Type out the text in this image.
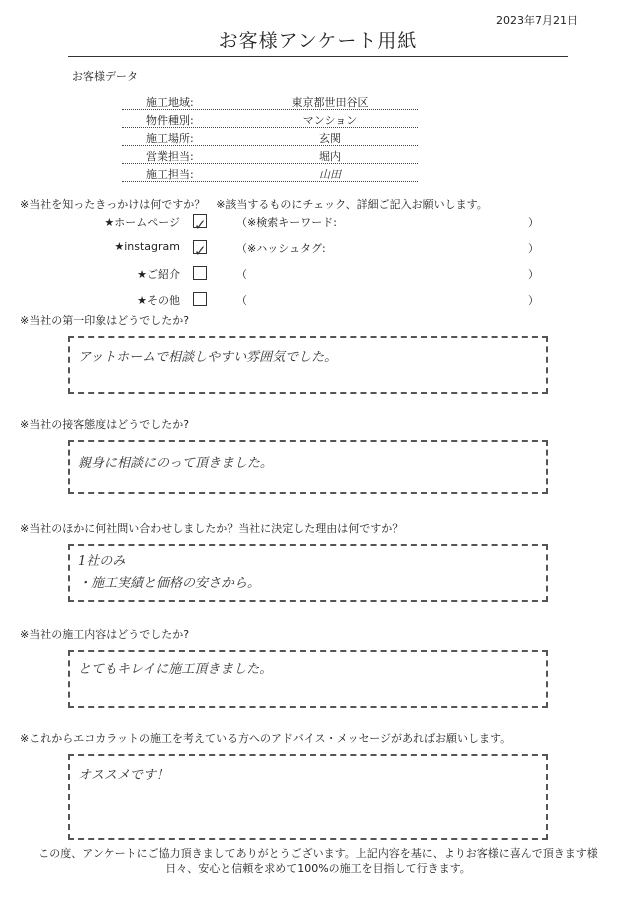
2023年7月21日
お客様アンケート用紙
お客様データ
施工地域:	東京都世田谷区
物件種別:	マンション
施工場所:	玄関
営業担当:	堀内
施工担当:	山田
※当社を知ったきっかけは何ですか？　※該当するものにチェック、詳細ご記入お願いします。
★ホームページ ✓	（※検索キーワード:	）
★instagram ✓	（※ハッシュタグ:	）
★ご紹介	（	）
★その他	（	）
※当社の第一印象はどうでしたか?
アットホームで相談しやすい雰囲気でした。
※当社の接客態度はどうでしたか?
親身に相談にのって頂きました。
※当社のほかに何社問い合わせしましたか？当社に決定した理由は何ですか？
1社のみ
・施工実績と価格の安さから。
※当社の施工内容はどうでしたか?
とてもキレイに施工頂きました。
※これからエコカラットの施工を考えている方へのアドバイス・メッセージがあればお願いします。
オススメです！
この度、アンケートにご協力頂きましてありがとうございます。上記内容を基に、よりお客様に喜んで頂きます様
日々、安心と信頼を求めて100%の施工を目指して行きます。
